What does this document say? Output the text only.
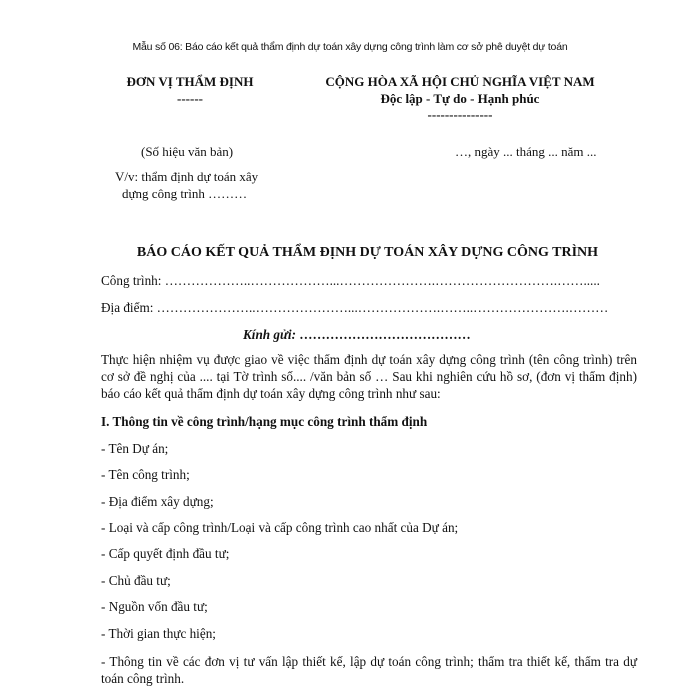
Mẫu số 06: Báo cáo kết quả thẩm định dự toán xây dựng công trình làm cơ sở phê duyệt dự toán
ĐƠN VỊ THẨM ĐỊNH
------
(Số hiệu văn bản)
V/v: thẩm định dự toán xây
dựng công trình ………
CỘNG HÒA XÃ HỘI CHỦ NGHĨA VIỆT NAM
Độc lập - Tự do - Hạnh phúc
---------------
…, ngày ... tháng ... năm ...
BÁO CÁO KẾT QUẢ THẨM ĐỊNH DỰ TOÁN XÂY DỰNG CÔNG TRÌNH
Công trình: ………………..………………...………………….……………………….…….....
Địa điểm: …………………..…………………...……………….……..………………….………
Kính gửi: …………………………………
Thực hiện nhiệm vụ được giao về việc thẩm định dự toán xây dựng công trình (tên công trình) trên cơ sở đề nghị của .... tại Tờ trình số.... /văn bản số … Sau khi nghiên cứu hồ sơ, (đơn vị thẩm định) báo cáo kết quả thẩm định dự toán xây dựng công trình như sau:
I. Thông tin về công trình/hạng mục công trình thẩm định
- Tên Dự án;
- Tên công trình;
- Địa điểm xây dựng;
- Loại và cấp công trình/Loại và cấp công trình cao nhất của Dự án;
- Cấp quyết định đầu tư;
- Chủ đầu tư;
- Nguồn vốn đầu tư;
- Thời gian thực hiện;
- Thông tin về các đơn vị tư vấn lập thiết kế, lập dự toán công trình; thẩm tra thiết kế, thẩm tra dự toán công trình.
